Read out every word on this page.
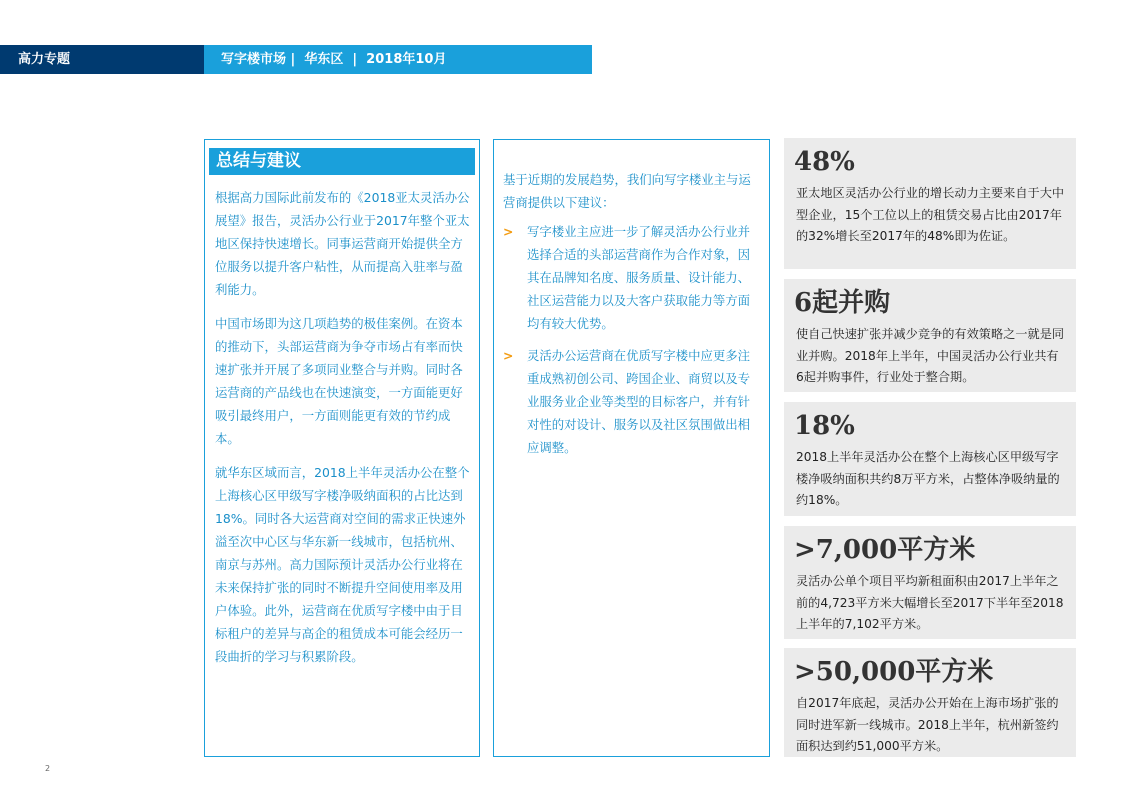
高力专题	写字楼市场 |  华东区  |  2018年10月
总结与建议

根据高力国际此前发布的《2018亚太灵活办公展望》报告，灵活办公行业于2017年整个亚太地区保持快速增长。同事运营商开始提供全方位服务以提升客户粘性，从而提高入驻率与盈利能力。

中国市场即为这几项趋势的极佳案例。在资本的推动下，头部运营商为争夺市场占有率而快速扩张并开展了多项同业整合与并购。同时各运营商的产品线也在快速演变，一方面能更好吸引最终用户，一方面则能更有效的节约成本。

就华东区域而言，2018上半年灵活办公在整个上海核心区甲级写字楼净吸纳面积的占比达到18%。同时各大运营商对空间的需求正快速外溢至次中心区与华东新一线城市，包括杭州、南京与苏州。高力国际预计灵活办公行业将在未来保持扩张的同时不断提升空间使用率及用户体验。此外，运营商在优质写字楼中由于目标租户的差异与高企的租赁成本可能会经历一段曲折的学习与积累阶段。

基于近期的发展趋势，我们向写字楼业主与运营商提供以下建议：
> 写字楼业主应进一步了解灵活办公行业并选择合适的头部运营商作为合作对象，因其在品牌知名度、服务质量、设计能力、社区运营能力以及大客户获取能力等方面均有较大优势。
> 灵活办公运营商在优质写字楼中应更多注重成熟初创公司、跨国企业、商贸以及专业服务业企业等类型的目标客户，并有针对性的对设计、服务以及社区氛围做出相应调整。
48%
亚太地区灵活办公行业的增长动力主要来自于大中型企业，15个工位以上的租赁交易占比由2017年的32%增长至2017年的48%即为佐证。
6起并购
使自己快速扩张并减少竞争的有效策略之一就是同业并购。2018年上半年，中国灵活办公行业共有6起并购事件，行业处于整合期。
18%
2018上半年灵活办公在整个上海核心区甲级写字楼净吸纳面积共约8万平方米，占整体净吸纳量的约18%。
>7,000平方米
灵活办公单个项目平均新租面积由2017上半年之前的4,723平方米大幅增长至2017下半年至2018上半年的7,102平方米。
>50,000平方米
自2017年底起，灵活办公开始在上海市场扩张的同时进军新一线城市。2018上半年，杭州新签约面积达到约51,000平方米。
2
